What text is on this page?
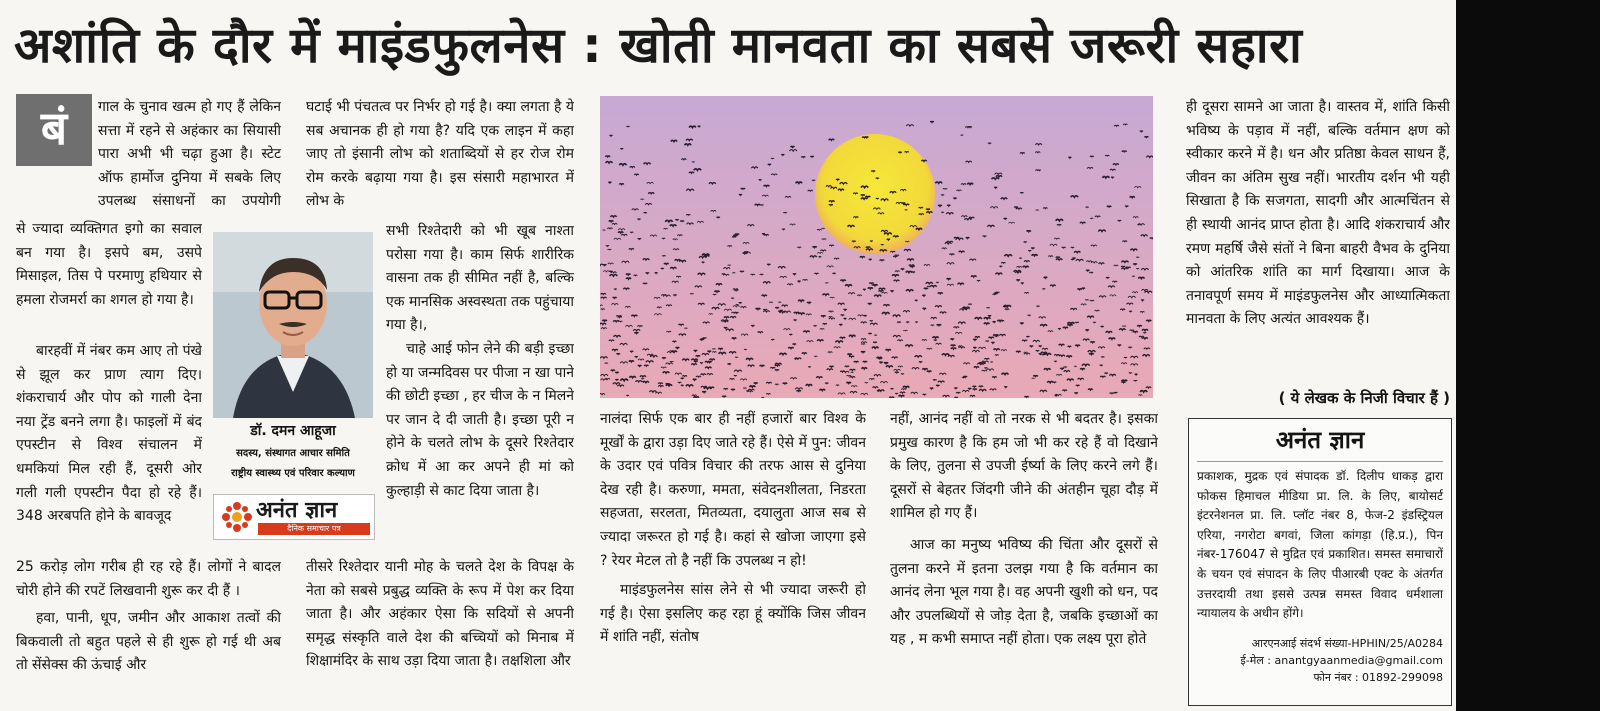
अशांति के दौर में माइंडफुलनेस : खोती मानवता का सबसे जरूरी सहारा
बं	गाल के चुनाव खत्म हो गए हैं लेकिन सत्ता में रहने से अहंकार का सियासी पारा अभी भी चढ़ा हुआ है। स्टेट ऑफ हार्मोज दुनिया में सबके लिए उपलब्ध संसाधनों का उपयोगी

से ज्यादा व्यक्तिगत इगो का सवाल बन गया है। इसपे बम, उसपे मिसाइल, तिस पे परमाणु हथियार से हमला रोजमर्रा का शगल हो गया है।

बारहवीं में नंबर कम आए तो पंखे से झूल कर प्राण त्याग दिए। शंकराचार्य और पोप को गाली देना नया ट्रेंड बनने लगा है। फाइलों में बंद एपस्टीन से विश्व संचालन में धमकियां मिल रही हैं, दूसरी ओर गली गली एपस्टीन पैदा हो रहे हैं। 348 अरबपति होने के बावजूद

25 करोड़ लोग गरीब ही रह रहे हैं। लोगों ने बादल चोरी होने की रपटें लिखवानी शुरू कर दी हैं ।

हवा, पानी, धूप, जमीन और आकाश तत्वों की बिकवाली तो बहुत पहले से ही शुरू हो गई थी अब तो सेंसेक्स की ऊंचाई और

डॉ. दमन आहूजा
सदस्य, संस्थागत आचार समिति
राष्ट्रीय स्वास्थ्य एवं परिवार कल्याण
अनंत ज्ञान
दैनिक समाचार पत्र

घटाई भी पंचतत्व पर निर्भर हो गई है। क्या लगता है ये सब अचानक ही हो गया है? यदि एक लाइन में कहा जाए तो इंसानी लोभ को शताब्दियों से हर रोज रोम रोम करके बढ़ाया गया है। इस संसारी महाभारत में लोभ के

सभी रिश्तेदारी को भी खूब नाश्ता परोसा गया है। काम सिर्फ शारीरिक वासना तक ही सीमित नहीं है, बल्कि एक मानसिक अस्वस्थता तक पहुंचाया गया है।,

चाहे आई फोन लेने की बड़ी इच्छा हो या जन्मदिवस पर पीजा न खा पाने की छोटी इच्छा , हर चीज के न मिलने पर जान दे दी जाती है। इच्छा पूरी न होने के चलते लोभ के दूसरे रिश्तेदार क्रोध में आ कर अपने ही मां को कुल्हाड़ी से काट दिया जाता है।

तीसरे रिश्तेदार यानी मोह के चलते देश के विपक्ष के नेता को सबसे प्रबुद्ध व्यक्ति के रूप में पेश कर दिया जाता है। और अहंकार ऐसा कि सदियों से अपनी समृद्ध संस्कृति वाले देश की बच्चियों को मिनाब में शिक्षामंदिर के साथ उड़ा दिया जाता है। तक्षशिला और

नालंदा सिर्फ एक बार ही नहीं हजारों बार विश्व के मूर्खों के द्वारा उड़ा दिए जाते रहे हैं। ऐसे में पुन: जीवन के उदार एवं पवित्र विचार की तरफ आस से दुनिया देख रही है। करुणा, ममता, संवेदनशीलता, निडरता सहजता, सरलता, मितव्यता, दयालुता आज सब से ज्यादा जरूरत हो गई है। कहां से खोजा जाएगा इसे ? रेयर मेटल तो है नहीं कि उपलब्ध न हो!

माइंडफुलनेस सांस लेने से भी ज्यादा जरूरी हो गई है। ऐसा इसलिए कह रहा हूं क्योंकि जिस जीवन में शांति नहीं, संतोष

नहीं, आनंद नहीं वो तो नरक से भी बदतर है। इसका प्रमुख कारण है कि हम जो भी कर रहे हैं वो दिखाने के लिए, तुलना से उपजी ईर्ष्या के लिए करने लगे हैं। दूसरों से बेहतर जिंदगी जीने की अंतहीन चूहा दौड़ में शामिल हो गए हैं।

आज का मनुष्य भविष्य की चिंता और दूसरों से तुलना करने में इतना उलझ गया है कि वर्तमान का आनंद लेना भूल गया है। वह अपनी खुशी को धन, पद और उपलब्धियों से जोड़ देता है, जबकि इच्छाओं का यह , म कभी समाप्त नहीं होता। एक लक्ष्य पूरा होते

ही दूसरा सामने आ जाता है। वास्तव में, शांति किसी भविष्य के पड़ाव में नहीं, बल्कि वर्तमान क्षण को स्वीकार करने में है। धन और प्रतिष्ठा केवल साधन हैं, जीवन का अंतिम सुख नहीं। भारतीय दर्शन भी यही सिखाता है कि सजगता, सादगी और आत्मचिंतन से ही स्थायी आनंद प्राप्त होता है। आदि शंकराचार्य और रमण महर्षि जैसे संतों ने बिना बाहरी वैभव के दुनिया को आंतरिक शांति का मार्ग दिखाया। आज के तनावपूर्ण समय में माइंडफुलनेस और आध्यात्मिकता मानवता के लिए अत्यंत आवश्यक हैं।

( ये लेखक के निजी विचार हैं )
अनंत ज्ञान
प्रकाशक, मुद्रक एवं संपादक डॉ. दिलीप धाकड़ द्वारा फोकस हिमाचल मीडिया प्रा. लि. के लिए, बायोसर्ट इंटरनेशनल प्रा. लि. प्लॉट नंबर 8, फेज-2 इंडस्ट्रियल एरिया, नगरोटा बगवां, जिला कांगड़ा (हि.प्र.), पिन नंबर-176047 से मुद्रित एवं प्रकाशित। समस्त समाचारों के चयन एवं संपादन के लिए पीआरबी एक्ट के अंतर्गत उत्तरदायी तथा इससे उत्पन्न समस्त विवाद धर्मशाला न्यायालय के अधीन होंगे।
आरएनआई संदर्भ संख्या-HPHIN/25/A0284
ई-मेल : anantgyaanmedia@gmail.com
फोन नंबर : 01892-299098
